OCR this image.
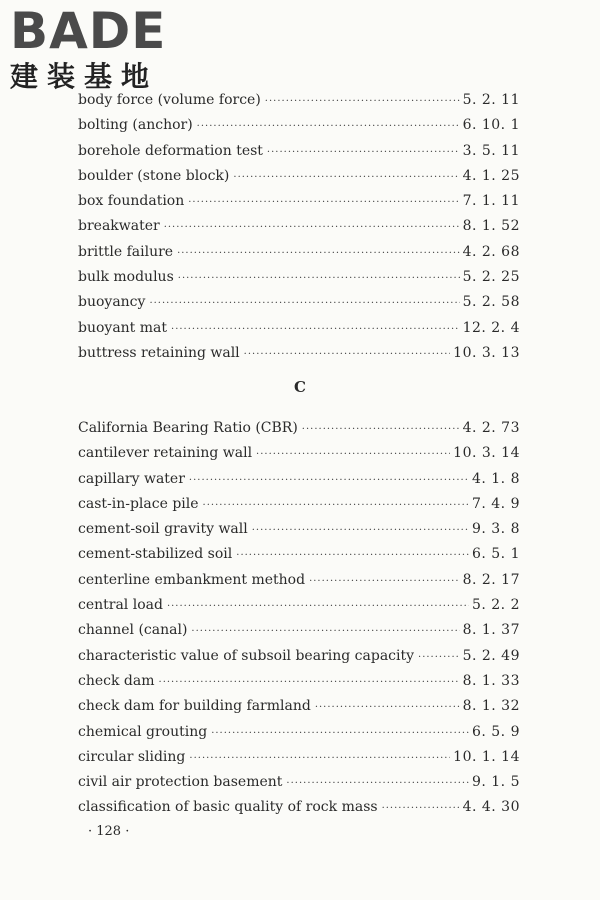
BADE
建装基地
body force (volume force) ·····	5. 2. 11
bolting (anchor) ·····	6. 10. 1
borehole deformation test ·····	3. 5. 11
boulder (stone block) ·····	4. 1. 25
box foundation ·····	7. 1. 11
breakwater ·····	8. 1. 52
brittle failure ·····	4. 2. 68
bulk modulus ·····	5. 2. 25
buoyancy ·····	5. 2. 58
buoyant mat ·····	12. 2. 4
buttress retaining wall ·····	10. 3. 13
C
California Bearing Ratio (CBR) ·····	4. 2. 73
cantilever retaining wall ·····	10. 3. 14
capillary water ·····	4. 1. 8
cast-in-place pile ·····	7. 4. 9
cement-soil gravity wall ·····	9. 3. 8
cement-stabilized soil ·····	6. 5. 1
centerline embankment method ·····	8. 2. 17
central load ·····	5. 2. 2
channel (canal) ·····	8. 1. 37
characteristic value of subsoil bearing capacity ·····	5. 2. 49
check dam ·····	8. 1. 33
check dam for building farmland ·····	8. 1. 32
chemical grouting ·····	6. 5. 9
circular sliding ·····	10. 1. 14
civil air protection basement ·····	9. 1. 5
classification of basic quality of rock mass ·····	4. 4. 30
· 128 ·
